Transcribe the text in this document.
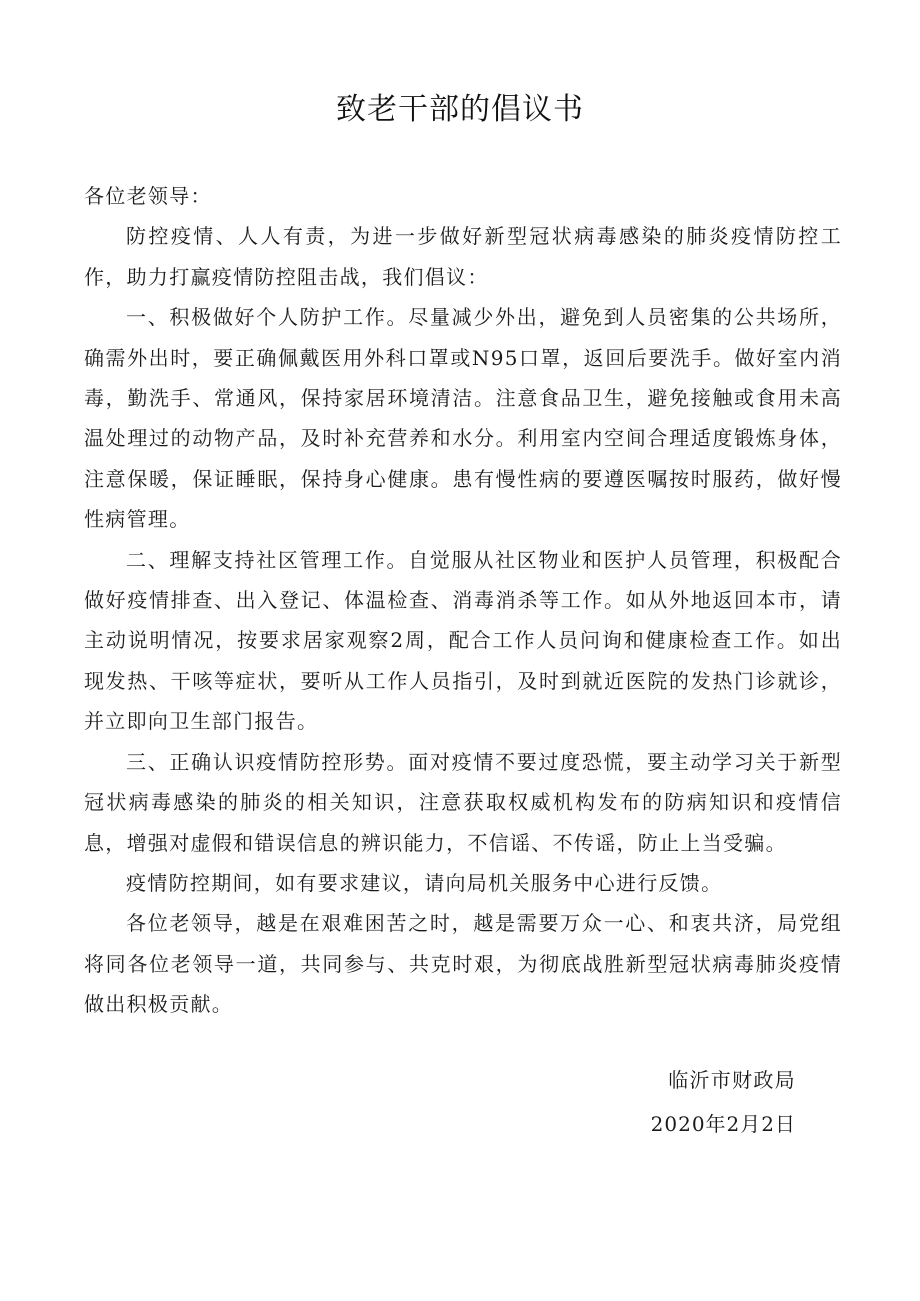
致老干部的倡议书

各位老领导：

防控疫情、人人有责，为进一步做好新型冠状病毒感染的肺炎疫情防控工作，助力打赢疫情防控阻击战，我们倡议：

一、积极做好个人防护工作。尽量减少外出，避免到人员密集的公共场所，确需外出时，要正确佩戴医用外科口罩或N95口罩，返回后要洗手。做好室内消毒，勤洗手、常通风，保持家居环境清洁。注意食品卫生，避免接触或食用未高温处理过的动物产品，及时补充营养和水分。利用室内空间合理适度锻炼身体，注意保暖，保证睡眠，保持身心健康。患有慢性病的要遵医嘱按时服药，做好慢性病管理。

二、理解支持社区管理工作。自觉服从社区物业和医护人员管理，积极配合做好疫情排查、出入登记、体温检查、消毒消杀等工作。如从外地返回本市，请主动说明情况，按要求居家观察2周，配合工作人员问询和健康检查工作。如出现发热、干咳等症状，要听从工作人员指引，及时到就近医院的发热门诊就诊，并立即向卫生部门报告。

三、正确认识疫情防控形势。面对疫情不要过度恐慌，要主动学习关于新型冠状病毒感染的肺炎的相关知识，注意获取权威机构发布的防病知识和疫情信息，增强对虚假和错误信息的辨识能力，不信谣、不传谣，防止上当受骗。

疫情防控期间，如有要求建议，请向局机关服务中心进行反馈。

各位老领导，越是在艰难困苦之时，越是需要万众一心、和衷共济，局党组将同各位老领导一道，共同参与、共克时艰，为彻底战胜新型冠状病毒肺炎疫情做出积极贡献。

临沂市财政局

2020年2月2日
